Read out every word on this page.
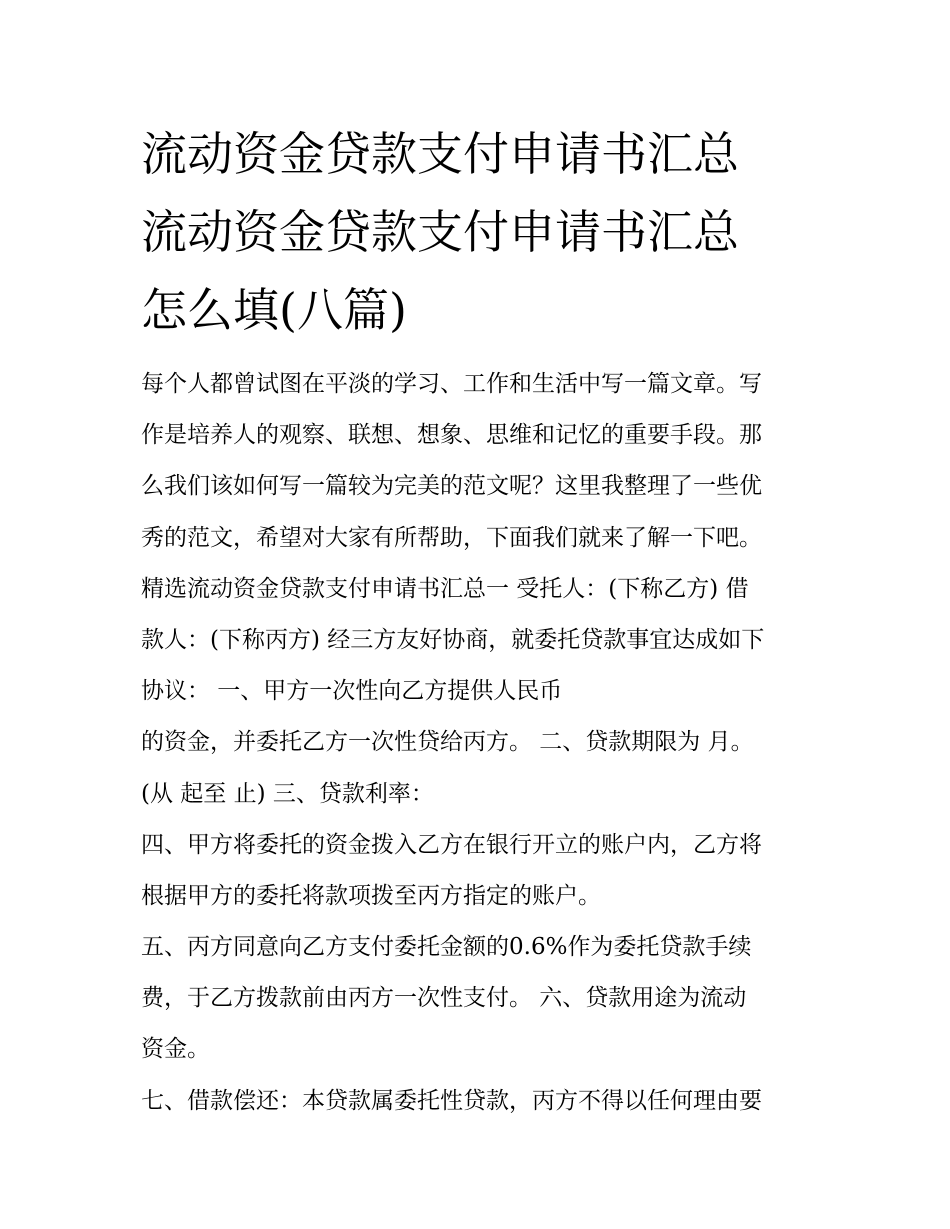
流动资金贷款支付申请书汇总
流动资金贷款支付申请书汇总
怎么填(八篇)
每个人都曾试图在平淡的学习、工作和生活中写一篇文章。写
作是培养人的观察、联想、想象、思维和记忆的重要手段。那
么我们该如何写一篇较为完美的范文呢？这里我整理了一些优
秀的范文，希望对大家有所帮助，下面我们就来了解一下吧。
精选流动资金贷款支付申请书汇总一 受托人：(下称乙方) 借
款人：(下称丙方) 经三方友好协商，就委托贷款事宜达成如下
协议： 一、甲方一次性向乙方提供人民币
的资金，并委托乙方一次性贷给丙方。 二、贷款期限为 月。
(从 起至 止) 三、贷款利率：
四、甲方将委托的资金拨入乙方在银行开立的账户内，乙方将
根据甲方的委托将款项拨至丙方指定的账户。
五、丙方同意向乙方支付委托金额的0.6%作为委托贷款手续
费，于乙方拨款前由丙方一次性支付。 六、贷款用途为流动
资金。
七、借款偿还：本贷款属委托性贷款，丙方不得以任何理由要
